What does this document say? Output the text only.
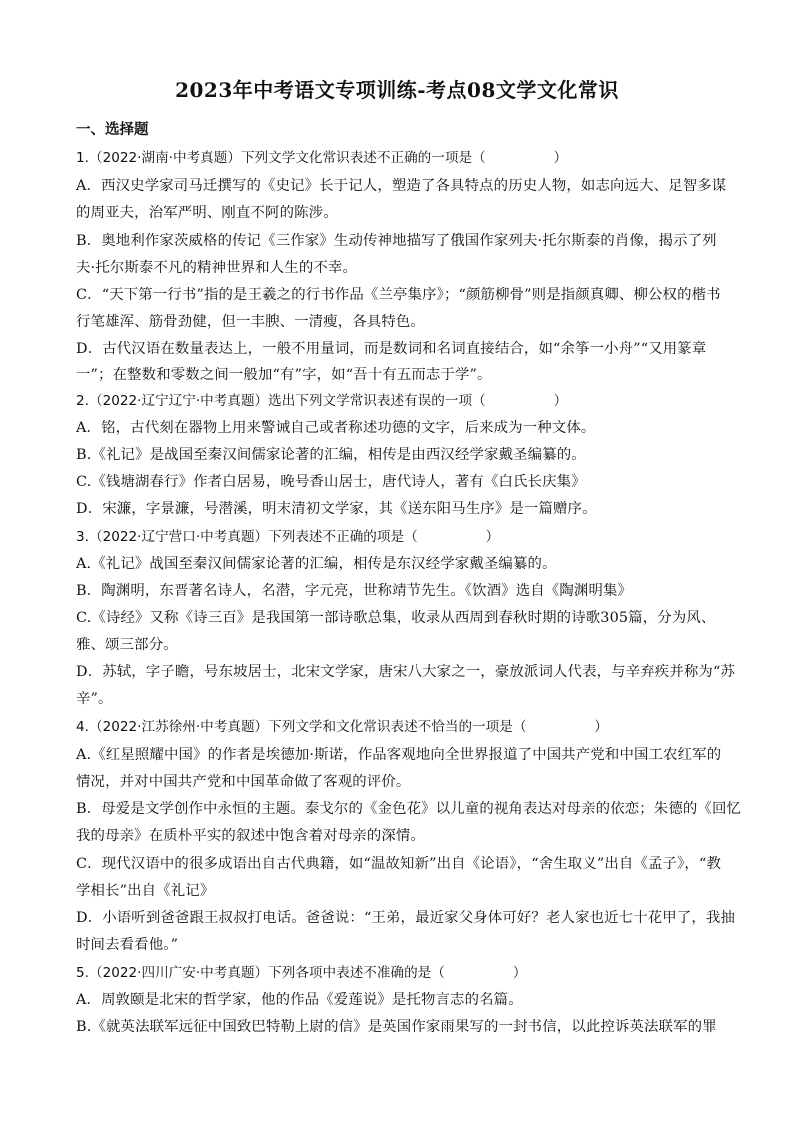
2023年中考语文专项训练-考点08文学文化常识
一、选择题
1.（2022·湖南·中考真题）下列文学文化常识表述不正确的一项是（　　　　　）
A．西汉史学家司马迁撰写的《史记》长于记人，塑造了各具特点的历史人物，如志向远大、足智多谋
的周亚夫，治军严明、刚直不阿的陈涉。
B．奥地利作家茨威格的传记《三作家》生动传神地描写了俄国作家列夫·托尔斯泰的肖像，揭示了列
夫·托尔斯泰不凡的精神世界和人生的不幸。
C．“天下第一行书”指的是王羲之的行书作品《兰亭集序》；“颜筋柳骨”则是指颜真卿、柳公权的楷书
行笔雄浑、筋骨劲健，但一丰腴、一清瘦，各具特色。
D．古代汉语在数量表达上，一般不用量词，而是数词和名词直接结合，如“余筝一小舟”“又用篆章
一”；在整数和零数之间一般加“有”字，如“吾十有五而志于学”。
2.（2022·辽宁辽宁·中考真题）选出下列文学常识表述有误的一项（　　　　　）
A．铭，古代刻在器物上用来警诫自己或者称述功德的文字，后来成为一种文体。
B.《礼记》是战国至秦汉间儒家论著的汇编，相传是由西汉经学家戴圣编纂的。
C.《钱塘湖春行》作者白居易，晚号香山居士，唐代诗人，著有《白氏长庆集》
D．宋濂，字景濂，号潜溪，明末清初文学家，其《送东阳马生序》是一篇赠序。
3.（2022·辽宁营口·中考真题）下列表述不正确的项是（　　　　　）
A.《礼记》战国至秦汉间儒家论著的汇编，相传是东汉经学家戴圣编纂的。
B．陶渊明，东晋著名诗人，名潜，字元亮，世称靖节先生。《饮酒》选自《陶渊明集》
C.《诗经》又称《诗三百》是我国第一部诗歌总集，收录从西周到春秋时期的诗歌305篇，分为风、
雅、颂三部分。
D．苏轼，字子瞻，号东坡居士，北宋文学家，唐宋八大家之一，豪放派词人代表，与辛弃疾并称为“苏
辛”。
4.（2022·江苏徐州·中考真题）下列文学和文化常识表述不恰当的一项是（　　　　　）
A.《红星照耀中国》的作者是埃德加·斯诺，作品客观地向全世界报道了中国共产党和中国工农红军的
情况，并对中国共产党和中国革命做了客观的评价。
B．母爱是文学创作中永恒的主题。泰戈尔的《金色花》以儿童的视角表达对母亲的依恋；朱德的《回忆
我的母亲》在质朴平实的叙述中饱含着对母亲的深情。
C．现代汉语中的很多成语出自古代典籍，如“温故知新”出自《论语》，“舍生取义”出自《孟子》，“教
学相长”出自《礼记》
D．小语听到爸爸跟王叔叔打电话。爸爸说：“王弟，最近家父身体可好？老人家也近七十花甲了，我抽
时间去看看他。”
5.（2022·四川广安·中考真题）下列各项中表述不准确的是（　　　　　）
A．周敦颐是北宋的哲学家，他的作品《爱莲说》是托物言志的名篇。
B.《就英法联军远征中国致巴特勒上尉的信》是英国作家雨果写的一封书信，以此控诉英法联军的罪
